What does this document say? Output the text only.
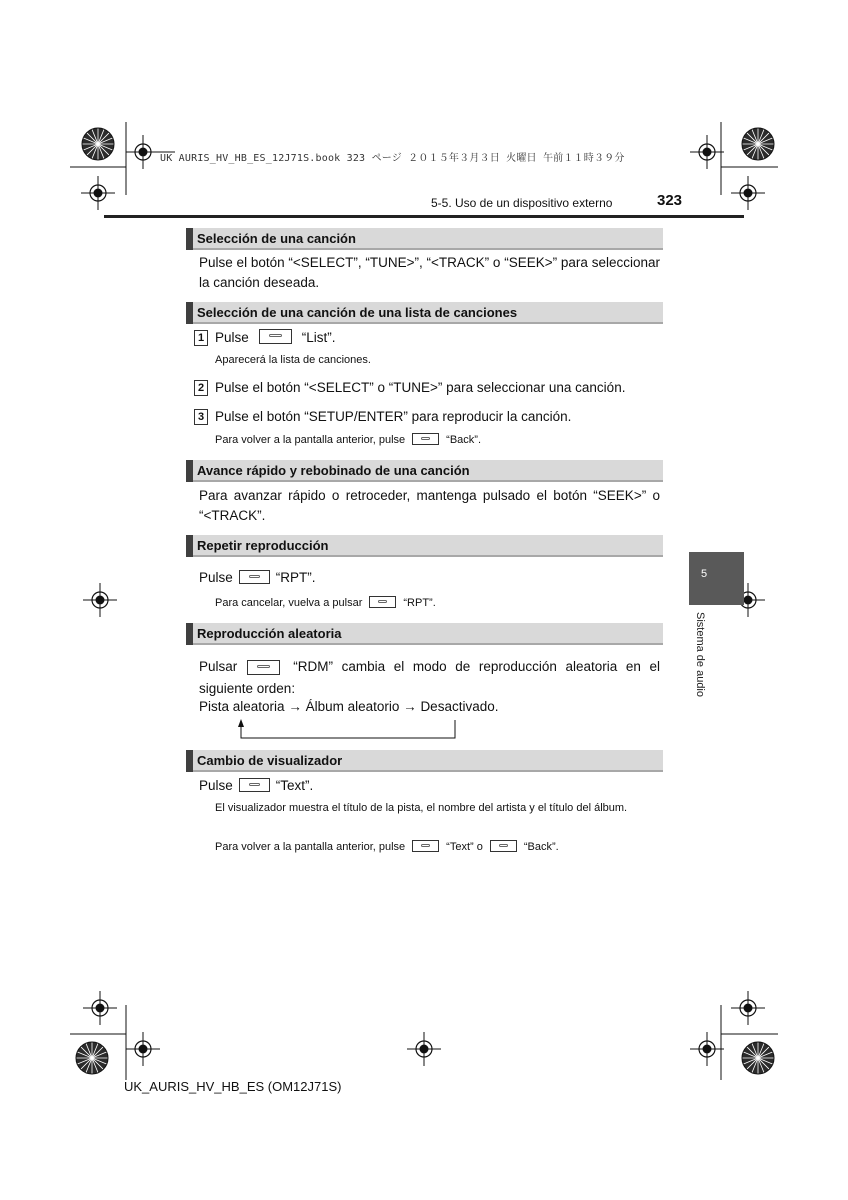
UK AURIS_HV_HB_ES_12J71S.book 323 ページ ２０１５年３月３日 火曜日 午前１１時３９分
5-5. Uso de un dispositivo externo	323
5
Sistema de audio
Selección de una canción
Pulse el botón “<SELECT”, “TUNE>”, “<TRACK” o “SEEK>” para seleccionar la canción deseada.
Selección de una canción de una lista de canciones
1 Pulse	“List”.
Aparecerá la lista de canciones.
2 Pulse el botón “<SELECT” o “TUNE>” para seleccionar una canción.
3 Pulse el botón “SETUP/ENTER” para reproducir la canción.
Para volver a la pantalla anterior, pulse	“Back”.
Avance rápido y rebobinado de una canción
Para avanzar rápido o retroceder, mantenga pulsado el botón “SEEK>” o “<TRACK”.
Repetir reproducción
Pulse	“RPT”.
Para cancelar, vuelva a pulsar	“RPT”.
Reproducción aleatoria
Pulsar	“RDM” cambia el modo de reproducción aleatoria en el
siguiente orden:
Pista aleatoria → Álbum aleatorio → Desactivado.
Cambio de visualizador
Pulse	“Text”.
El visualizador muestra el título de la pista, el nombre del artista y el título del álbum.
Para volver a la pantalla anterior, pulse	“Text” o	“Back”.
UK_AURIS_HV_HB_ES (OM12J71S)
